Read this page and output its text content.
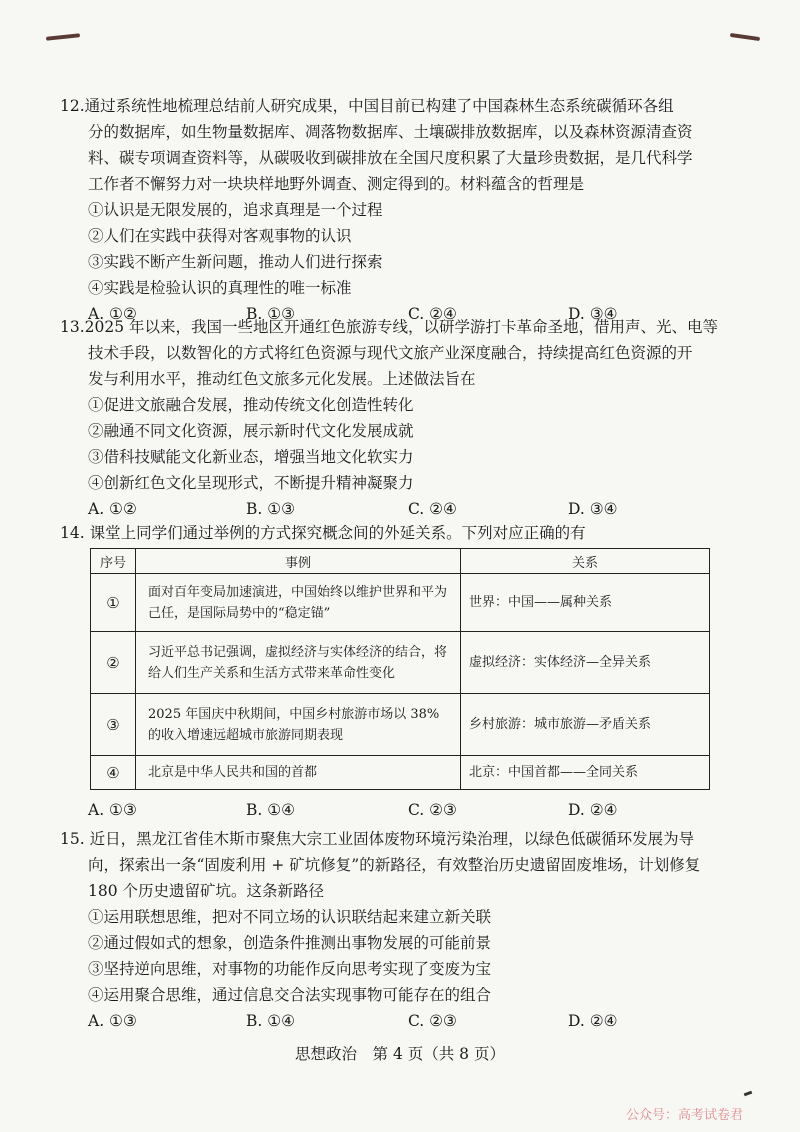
12.通过系统性地梳理总结前人研究成果，中国目前已构建了中国森林生态系统碳循环各组
分的数据库，如生物量数据库、凋落物数据库、土壤碳排放数据库，以及森林资源清查资
料、碳专项调查资料等，从碳吸收到碳排放在全国尺度积累了大量珍贵数据，是几代科学
工作者不懈努力对一块块样地野外调查、测定得到的。材料蕴含的哲理是
①认识是无限发展的，追求真理是一个过程
②人们在实践中获得对客观事物的认识
③实践不断产生新问题，推动人们进行探索
④实践是检验认识的真理性的唯一标准
A. ①②	B. ①③	C. ②④	D. ③④
13.2025 年以来，我国一些地区开通红色旅游专线，以研学游打卡革命圣地，借用声、光、电等
技术手段，以数智化的方式将红色资源与现代文旅产业深度融合，持续提高红色资源的开
发与利用水平，推动红色文旅多元化发展。上述做法旨在
①促进文旅融合发展，推动传统文化创造性转化
②融通不同文化资源，展示新时代文化发展成就
③借科技赋能文化新业态，增强当地文化软实力
④创新红色文化呈现形式，不断提升精神凝聚力
A. ①②	B. ①③	C. ②④	D. ③④
14. 课堂上同学们通过举例的方式探究概念间的外延关系。下列对应正确的有
序号	事例	关系
①	面对百年变局加速演进，中国始终以维护世界和平为己任，是国际局势中的“稳定锚”	世界：中国——属种关系
②	习近平总书记强调，虚拟经济与实体经济的结合，将给人们生产关系和生活方式带来革命性变化	虚拟经济：实体经济—全异关系
③	2025 年国庆中秋期间，中国乡村旅游市场以 38% 的收入增速远超城市旅游同期表现	乡村旅游：城市旅游—矛盾关系
④	北京是中华人民共和国的首都	北京：中国首都——全同关系
A. ①③	B. ①④	C. ②③	D. ②④
15. 近日，黑龙江省佳木斯市聚焦大宗工业固体废物环境污染治理，以绿色低碳循环发展为导
向，探索出一条“固废利用 + 矿坑修复”的新路径，有效整治历史遗留固废堆场，计划修复
180 个历史遗留矿坑。这条新路径
①运用联想思维，把对不同立场的认识联结起来建立新关联
②通过假如式的想象，创造条件推测出事物发展的可能前景
③坚持逆向思维，对事物的功能作反向思考实现了变废为宝
④运用聚合思维，通过信息交合法实现事物可能存在的组合
A. ①③	B. ①④	C. ②③	D. ②④
思想政治　第 4 页（共 8 页）
公众号：高考试卷君
